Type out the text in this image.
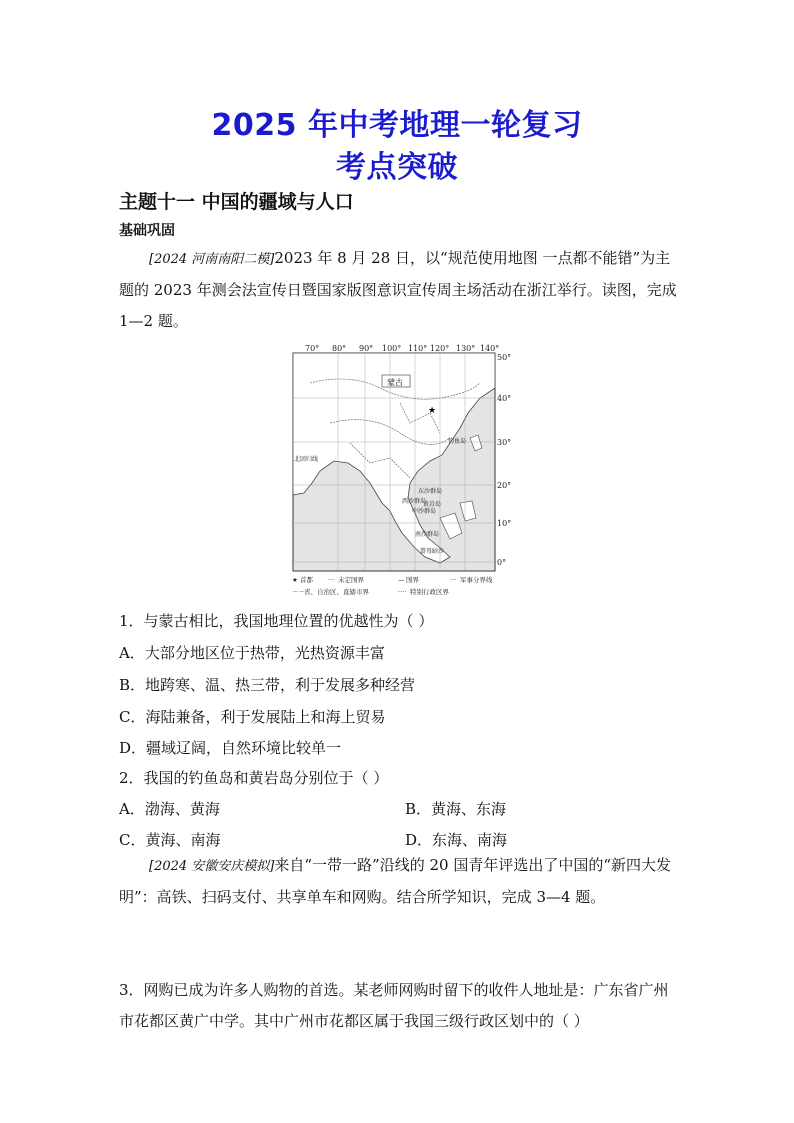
2025 年中考地理一轮复习
考点突破
主题十一 中国的疆域与人口
基础巩固
[2024 河南南阳二模]2023 年 8 月 28 日，以“规范使用地图 一点都不能错”为主题的 2023 年测会法宣传日暨国家版图意识宣传周主场活动在浙江举行。读图，完成 1—2 题。
70° 80° 90° 100° 110° 120° 130° 140°
50°
40°
30°
20°
10°
0°
蒙古
★
北回归线
钓鱼岛
东沙群岛
西沙群岛
黄岩岛
中沙群岛
南沙群岛
曾母暗沙
★ 首都 ··· 未定国界	— 国界	··· 军事分界线
－－ 省、自治区、直辖市界	···· 特别行政区界
1．与蒙古相比，我国地理位置的优越性为（ ）
A．大部分地区位于热带，光热资源丰富
B．地跨寒、温、热三带，利于发展多种经营
C．海陆兼备，利于发展陆上和海上贸易
D．疆域辽阔，自然环境比较单一
2．我国的钓鱼岛和黄岩岛分别位于（ ）
A．渤海、黄海	B．黄海、东海
C．黄海、南海	D．东海、南海
[2024 安徽安庆模拟]来自“一带一路”沿线的 20 国青年评选出了中国的“新四大发明”：高铁、扫码支付、共享单车和网购。结合所学知识，完成 3—4 题。
3．网购已成为许多人购物的首选。某老师网购时留下的收件人地址是：广东省广州市花都区黄广中学。其中广州市花都区属于我国三级行政区划中的（ ）
